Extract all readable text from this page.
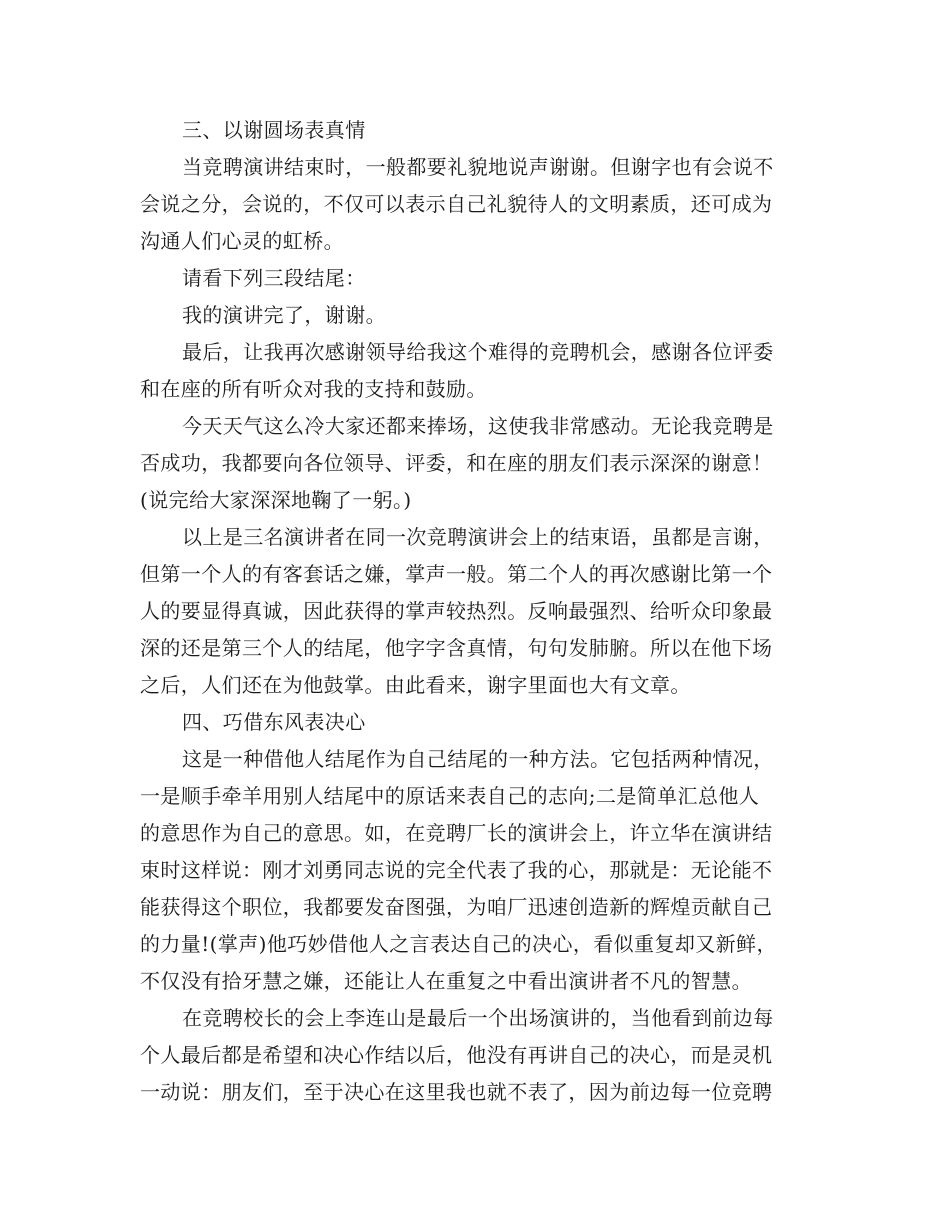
三、以谢圆场表真情
当竞聘演讲结束时，一般都要礼貌地说声谢谢。但谢字也有会说不
会说之分，会说的，不仅可以表示自己礼貌待人的文明素质，还可成为
沟通人们心灵的虹桥。
请看下列三段结尾：
我的演讲完了，谢谢。
最后，让我再次感谢领导给我这个难得的竞聘机会，感谢各位评委
和在座的所有听众对我的支持和鼓励。
今天天气这么冷大家还都来捧场，这使我非常感动。无论我竞聘是
否成功，我都要向各位领导、评委，和在座的朋友们表示深深的谢意！
(说完给大家深深地鞠了一躬。)
以上是三名演讲者在同一次竞聘演讲会上的结束语，虽都是言谢，
但第一个人的有客套话之嫌，掌声一般。第二个人的再次感谢比第一个
人的要显得真诚，因此获得的掌声较热烈。反响最强烈、给听众印象最
深的还是第三个人的结尾，他字字含真情，句句发肺腑。所以在他下场
之后，人们还在为他鼓掌。由此看来，谢字里面也大有文章。
四、巧借东风表决心
这是一种借他人结尾作为自己结尾的一种方法。它包括两种情况，
一是顺手牵羊用别人结尾中的原话来表自己的志向;二是简单汇总他人
的意思作为自己的意思。如，在竞聘厂长的演讲会上，许立华在演讲结
束时这样说：刚才刘勇同志说的完全代表了我的心，那就是：无论能不
能获得这个职位，我都要发奋图强，为咱厂迅速创造新的辉煌贡献自己
的力量!(掌声)他巧妙借他人之言表达自己的决心，看似重复却又新鲜，
不仅没有拾牙慧之嫌，还能让人在重复之中看出演讲者不凡的智慧。
在竞聘校长的会上李连山是最后一个出场演讲的，当他看到前边每
个人最后都是希望和决心作结以后，他没有再讲自己的决心，而是灵机
一动说：朋友们，至于决心在这里我也就不表了，因为前边每一位竞聘
